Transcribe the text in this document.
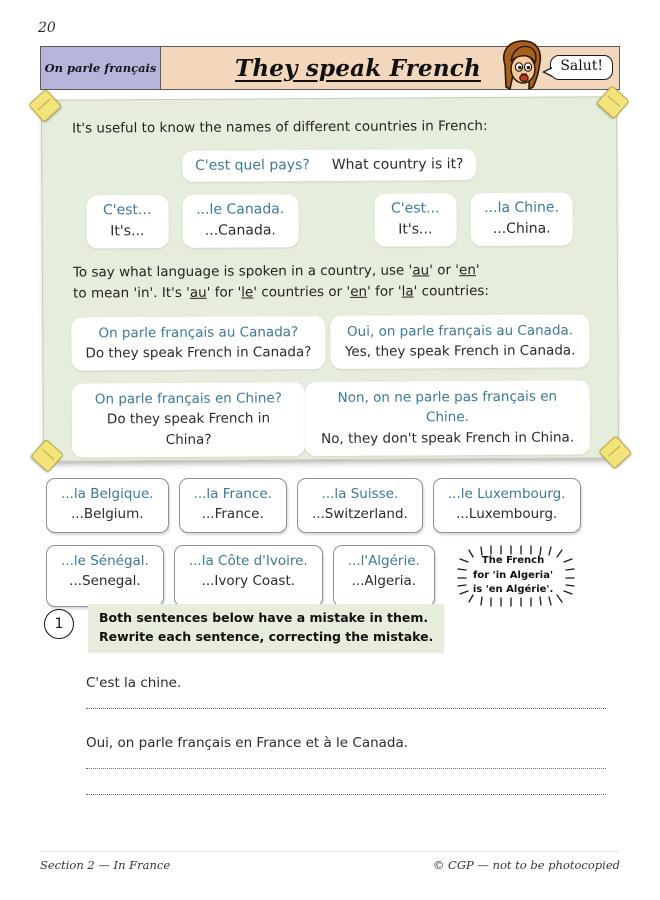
20
On parle français	They speak French	Salut!
It's useful to know the names of different countries in French:
C'est quel pays? What country is it?
C'est...
It's...
...le Canada.
...Canada.
C'est...
It's...
...la Chine.
...China.
To say what language is spoken in a country, use 'au' or 'en'
to mean 'in'. It's 'au' for 'le' countries or 'en' for 'la' countries:
On parle français au Canada?
Do they speak French in Canada?
Oui, on parle français au Canada.
Yes, they speak French in Canada.
On parle français en Chine?
Do they speak French in China?
Non, on ne parle pas français en Chine.
No, they don't speak French in China.
...la Belgique.
...Belgium.
...la France.
...France.
...la Suisse.
...Switzerland.
...le Luxembourg.
...Luxembourg.
...le Sénégal.
...Senegal.
...la Côte d'Ivoire.
...Ivory Coast.
...l'Algérie.
...Algeria.
The French
for 'in Algeria'
is 'en Algérie'.
1	Both sentences below have a mistake in them.
Rewrite each sentence, correcting the mistake.
C'est la chine.
Oui, on parle français en France et à le Canada.
Section 2 — In France	© CGP — not to be photocopied
